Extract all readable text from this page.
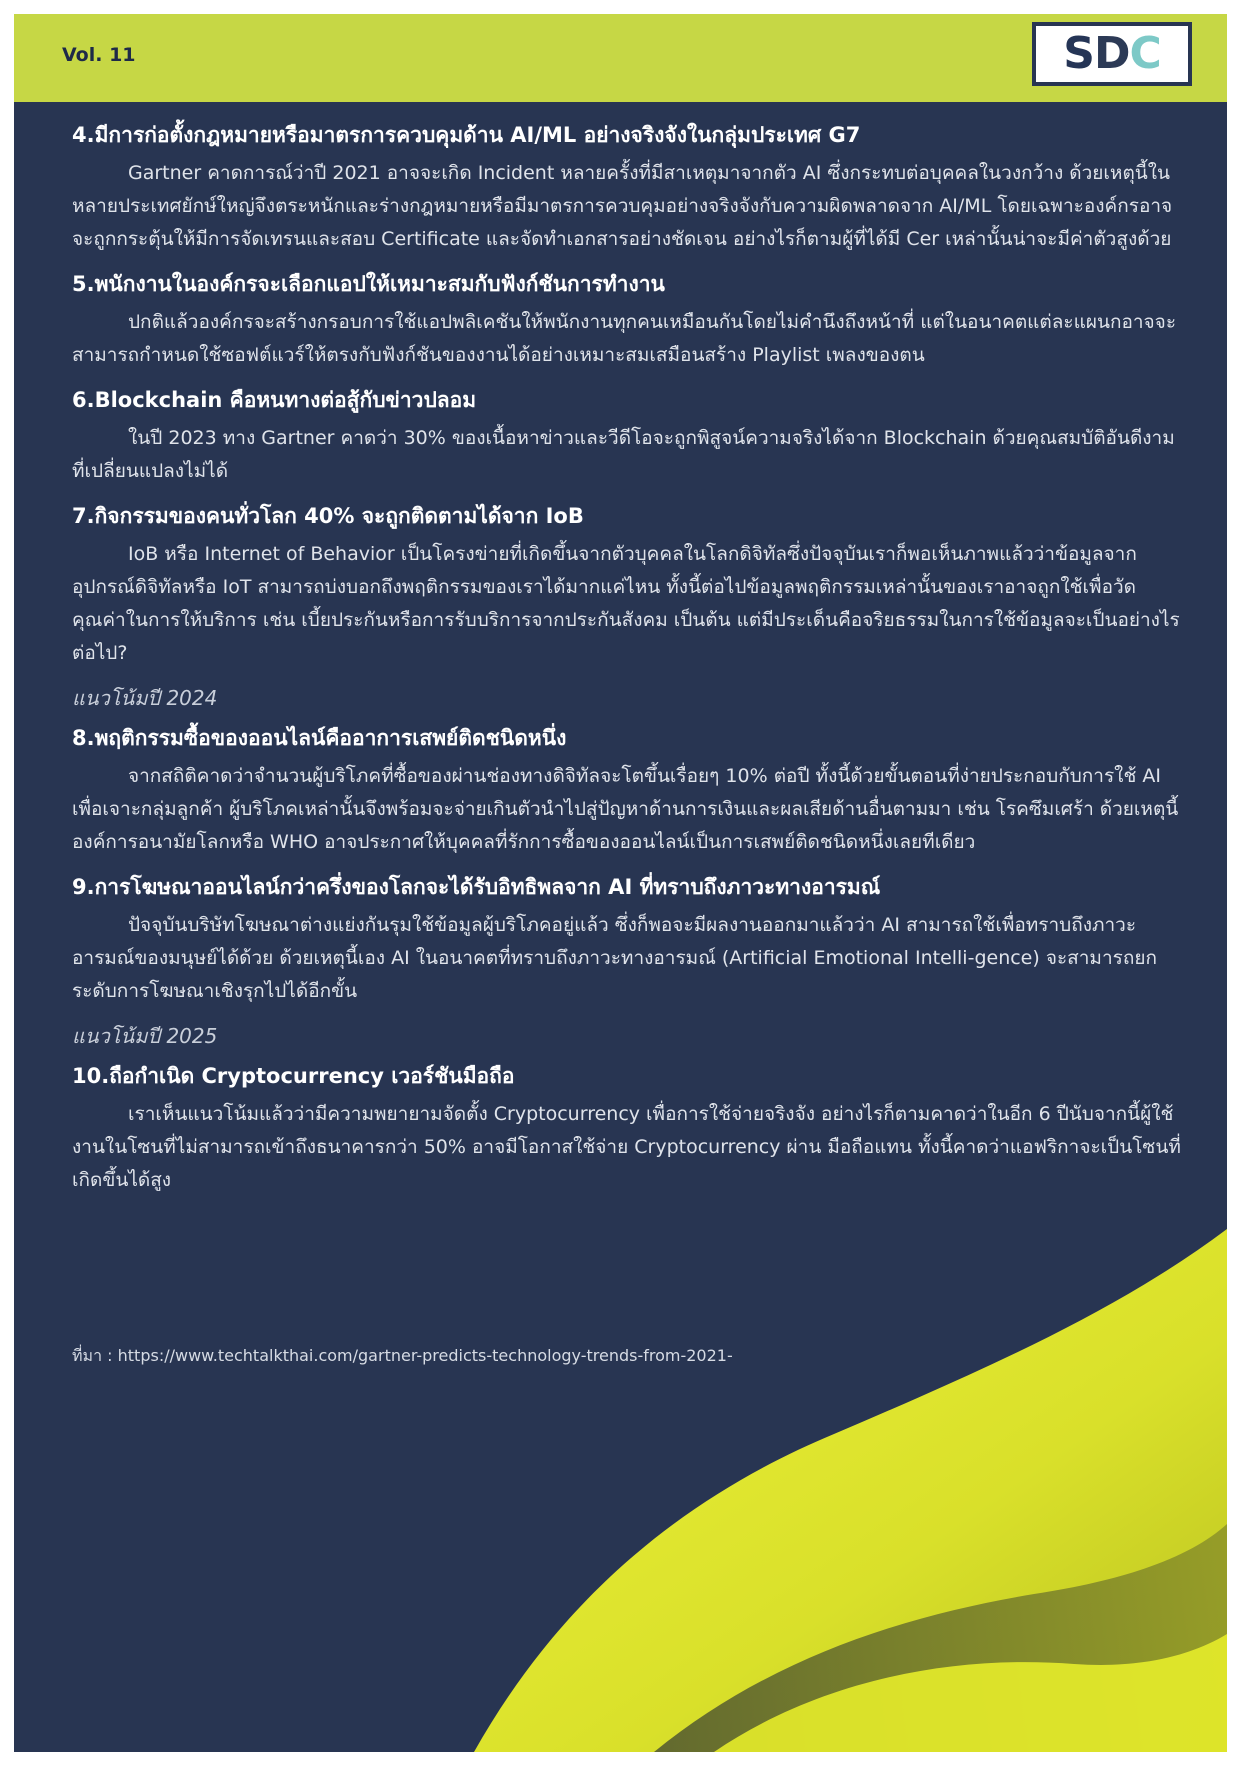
Vol. 11	SDC
4.มีการก่อตั้งกฎหมายหรือมาตรการควบคุมด้าน AI/ML อย่างจริงจังในกลุ่มประเทศ G7

Gartner คาดการณ์ว่าปี 2021 อาจจะเกิด Incident หลายครั้งที่มีสาเหตุมาจากตัว AI ซึ่งกระทบต่อบุคคลในวงกว้าง ด้วยเหตุนี้ในหลายประเทศยักษ์ใหญ่จึงตระหนักและร่างกฎหมายหรือมีมาตรการควบคุมอย่างจริงจังกับความผิดพลาดจาก AI/ML โดยเฉพาะองค์กรอาจจะถูกกระตุ้นให้มีการจัดเทรนและสอบ Certificate และจัดทำเอกสารอย่างชัดเจน อย่างไรก็ตามผู้ที่ได้มี Cer เหล่านั้นน่าจะมีค่าตัวสูงด้วย

5.พนักงานในองค์กรจะเลือกแอปให้เหมาะสมกับฟังก์ชันการทำงาน

ปกติแล้วองค์กรจะสร้างกรอบการใช้แอปพลิเคชันให้พนักงานทุกคนเหมือนกันโดยไม่คำนึงถึงหน้าที่ แต่ในอนาคตแต่ละแผนกอาจจะสามารถกำหนดใช้ซอฟต์แวร์ให้ตรงกับฟังก์ชันของงานได้อย่างเหมาะสมเสมือนสร้าง Playlist เพลงของตน

6.Blockchain คือหนทางต่อสู้กับข่าวปลอม

ในปี 2023 ทาง Gartner คาดว่า 30% ของเนื้อหาข่าวและวีดีโอจะถูกพิสูจน์ความจริงได้จาก Blockchain ด้วยคุณสมบัติอันดีงามที่เปลี่ยนแปลงไม่ได้

7.กิจกรรมของคนทั่วโลก 40% จะถูกติดตามได้จาก IoB

IoB หรือ Internet of Behavior เป็นโครงข่ายที่เกิดขึ้นจากตัวบุคคลในโลกดิจิทัลซึ่งปัจจุบันเราก็พอเห็นภาพแล้วว่าข้อมูลจากอุปกรณ์ดิจิทัลหรือ IoT สามารถบ่งบอกถึงพฤติกรรมของเราได้มากแค่ไหน ทั้งนี้ต่อไปข้อมูลพฤติกรรมเหล่านั้นของเราอาจถูกใช้เพื่อวัดคุณค่าในการให้บริการ เช่น เบี้ยประกันหรือการรับบริการจากประกันสังคม เป็นต้น แต่มีประเด็นคือจริยธรรมในการใช้ข้อมูลจะเป็นอย่างไรต่อไป?

แนวโน้มปี 2024
8.พฤติกรรมซื้อของออนไลน์คืออาการเสพย์ติดชนิดหนึ่ง

จากสถิติคาดว่าจำนวนผู้บริโภคที่ซื้อของผ่านช่องทางดิจิทัลจะโตขึ้นเรื่อยๆ 10% ต่อปี ทั้งนี้ด้วยขั้นตอนที่ง่ายประกอบกับการใช้ AI เพื่อเจาะกลุ่มลูกค้า ผู้บริโภคเหล่านั้นจึงพร้อมจะจ่ายเกินตัวนำไปสู่ปัญหาด้านการเงินและผลเสียด้านอื่นตามมา เช่น โรคซึมเศร้า ด้วยเหตุนี้องค์การอนามัยโลกหรือ WHO อาจประกาศให้บุคคลที่รักการซื้อของออนไลน์เป็นการเสพย์ติดชนิดหนึ่งเลยทีเดียว

9.การโฆษณาออนไลน์กว่าครึ่งของโลกจะได้รับอิทธิพลจาก AI ที่ทราบถึงภาวะทางอารมณ์

ปัจจุบันบริษัทโฆษณาต่างแย่งกันรุมใช้ข้อมูลผู้บริโภคอยู่แล้ว ซึ่งก็พอจะมีผลงานออกมาแล้วว่า AI สามารถใช้เพื่อทราบถึงภาวะอารมณ์ของมนุษย์ได้ด้วย ด้วยเหตุนี้เอง AI ในอนาคตที่ทราบถึงภาวะทางอารมณ์ (Artificial Emotional Intelli-gence) จะสามารถยกระดับการโฆษณาเชิงรุกไปได้อีกขั้น

แนวโน้มปี 2025
10.ถือกำเนิด Cryptocurrency เวอร์ชันมือถือ

เราเห็นแนวโน้มแล้วว่ามีความพยายามจัดตั้ง Cryptocurrency เพื่อการใช้จ่ายจริงจัง อย่างไรก็ตามคาดว่าในอีก 6 ปีนับจากนี้ผู้ใช้งานในโซนที่ไม่สามารถเข้าถึงธนาคารกว่า 50% อาจมีโอกาสใช้จ่าย Cryptocurrency ผ่าน มือถือแทน ทั้งนี้คาดว่าแอฟริกาจะเป็นโซนที่เกิดขึ้นได้สูง

ที่มา : https://www.techtalkthai.com/gartner-predicts-technology-trends-from-2021-
